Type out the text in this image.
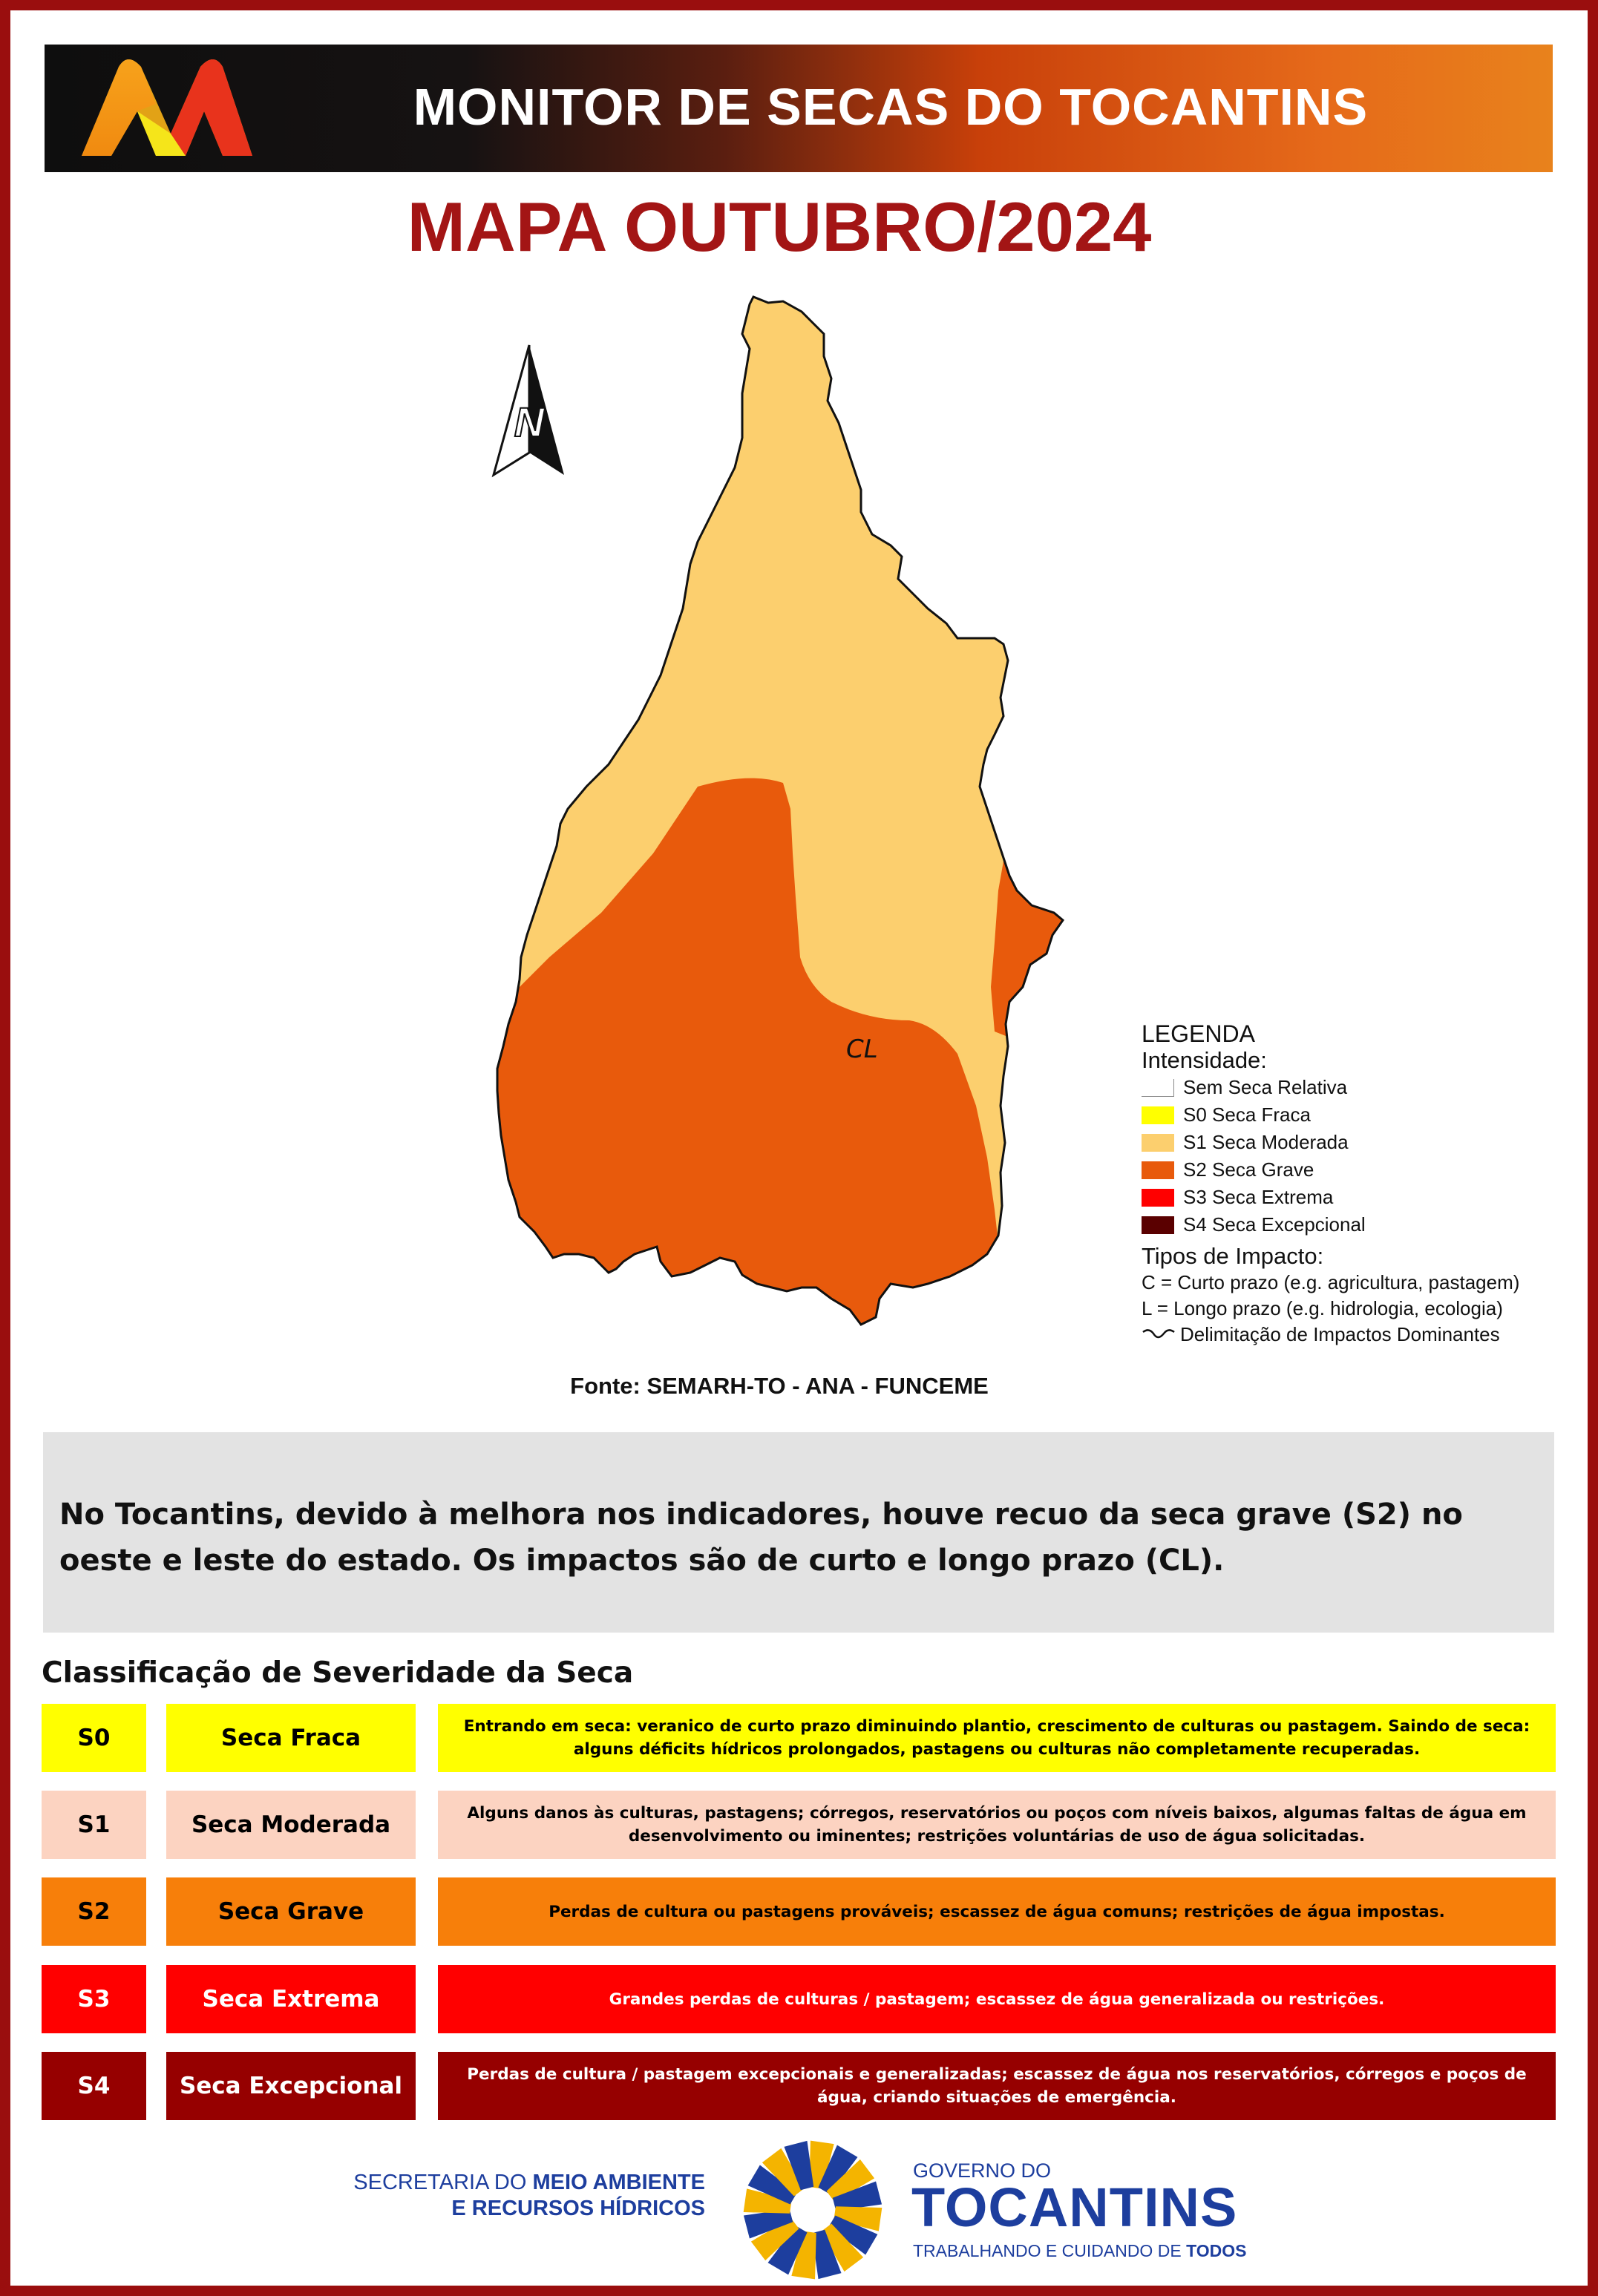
MONITOR DE SECAS DO TOCANTINS
MAPA OUTUBRO/2024
N
CL
LEGENDA
Intensidade:
Sem Seca Relativa
S0 Seca Fraca
S1 Seca Moderada
S2 Seca Grave
S3 Seca Extrema
S4 Seca Excepcional
Tipos de Impacto:
C = Curto prazo (e.g. agricultura, pastagem)
L = Longo prazo (e.g. hidrologia, ecologia)
Delimitação de Impactos Dominantes
Fonte: SEMARH-TO - ANA - FUNCEME
No Tocantins, devido à melhora nos indicadores, houve recuo da seca grave (S2) no oeste e leste do estado. Os impactos são de curto e longo prazo (CL).
Classificação de Severidade da Seca
S0	Seca Fraca	Entrando em seca: veranico de curto prazo diminuindo plantio, crescimento de culturas ou pastagem. Saindo de seca: alguns déficits hídricos prolongados, pastagens ou culturas não completamente recuperadas.
S1	Seca Moderada	Alguns danos às culturas, pastagens; córregos, reservatórios ou poços com níveis baixos, algumas faltas de água em desenvolvimento ou iminentes; restrições voluntárias de uso de água solicitadas.
S2	Seca Grave	Perdas de cultura ou pastagens prováveis; escassez de água comuns; restrições de água impostas.
S3	Seca Extrema	Grandes perdas de culturas / pastagem; escassez de água generalizada ou restrições.
S4	Seca Excepcional	Perdas de cultura / pastagem excepcionais e generalizadas; escassez de água nos reservatórios, córregos e poços de água, criando situações de emergência.
SECRETARIA DO MEIO AMBIENTE
E RECURSOS HÍDRICOS
GOVERNO DO
TOCANTINS
TRABALHANDO E CUIDANDO DE TODOS
